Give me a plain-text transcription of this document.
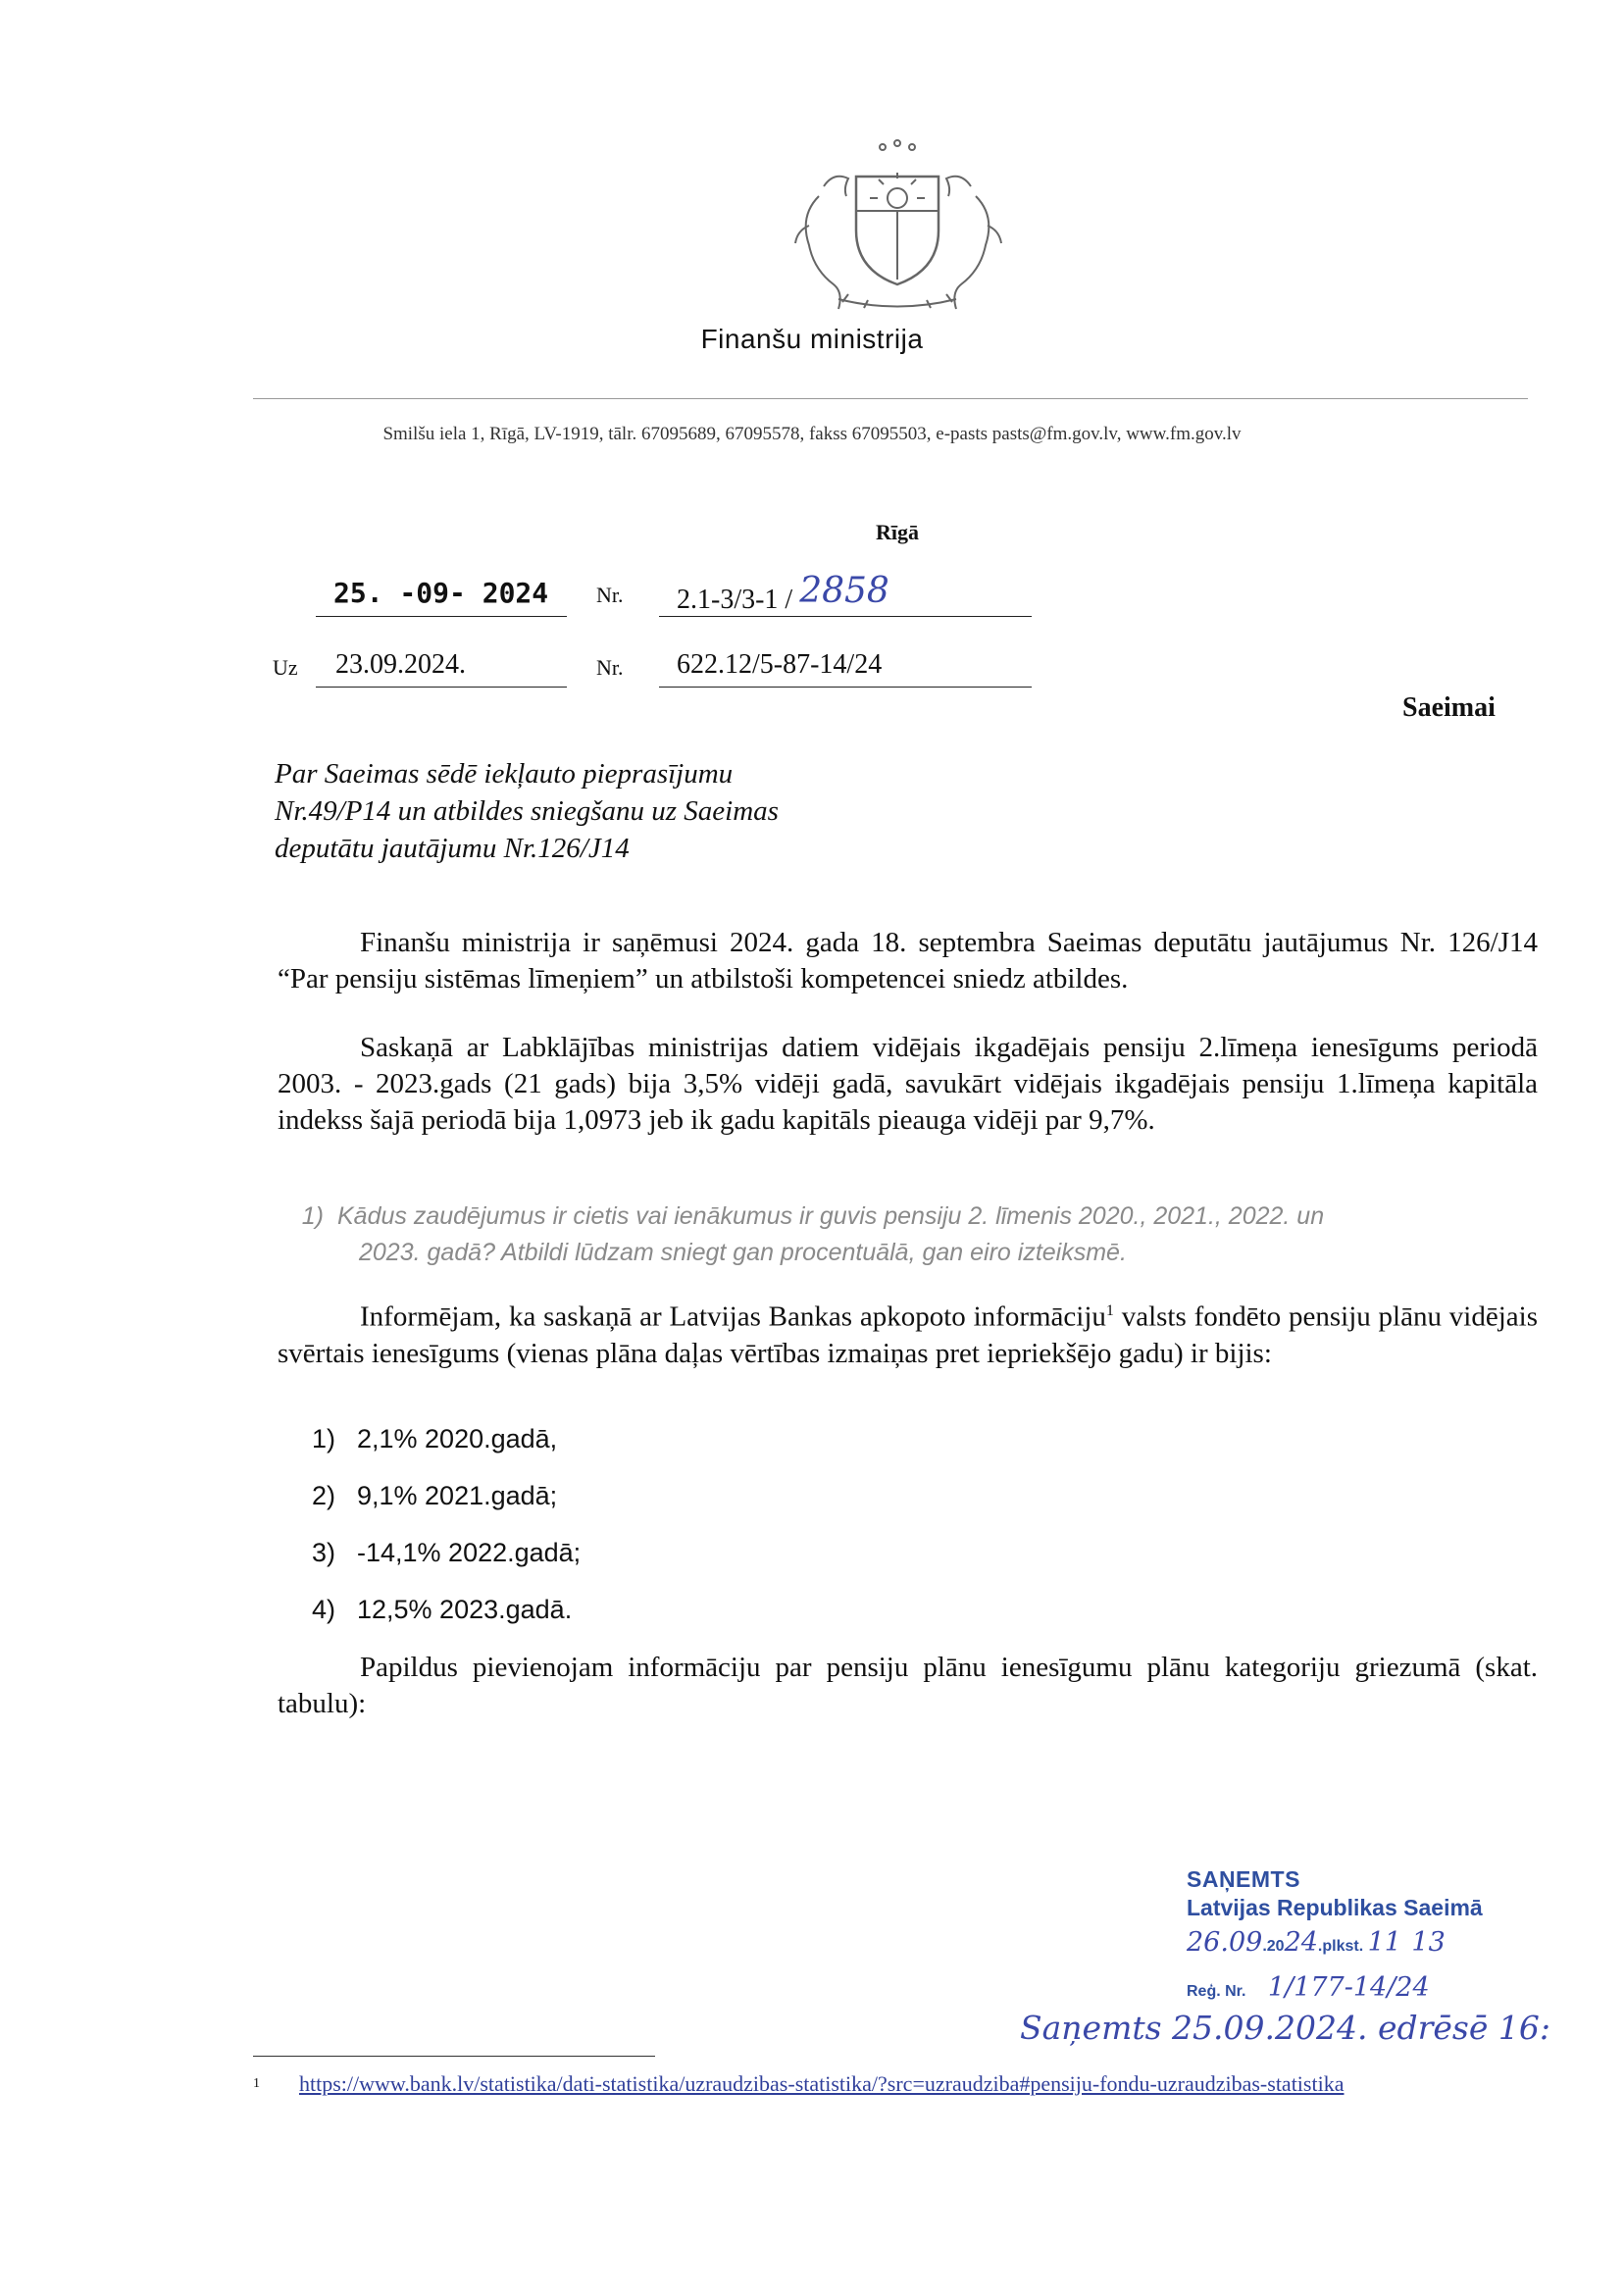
Finanšu ministrija
Smilšu iela 1, Rīgā, LV-1919, tālr. 67095689, 67095578, fakss 67095503, e-pasts pasts@fm.gov.lv, www.fm.gov.lv
Rīgā
25. -09- 2024 Nr. 2.1-3/3-1 / 2858
Uz 23.09.2024.	Nr. 622.12/5-87-14/24
Saeimai
Par Saeimas sēdē iekļauto pieprasījumu
Nr.49/P14 un atbildes sniegšanu uz Saeimas
deputātu jautājumu Nr.126/J14
Finanšu ministrija ir saņēmusi 2024. gada 18. septembra Saeimas deputātu jautājumus Nr. 126/J14 “Par pensiju sistēmas līmeņiem” un atbilstoši kompetencei sniedz atbildes.
Saskaņā ar Labklājības ministrijas datiem vidējais ikgadējais pensiju 2.līmeņa ienesīgums periodā 2003. - 2023.gads (21 gads) bija 3,5% vidēji gadā, savukārt vidējais ikgadējais pensiju 1.līmeņa kapitāla indekss šajā periodā bija 1,0973 jeb ik gadu kapitāls pieauga vidēji par 9,7%.
1) Kādus zaudējumus ir cietis vai ienākumus ir guvis pensiju 2. līmenis 2020., 2021., 2022. un
2023. gadā? Atbildi lūdzam sniegt gan procentuālā, gan eiro izteiksmē.
Informējam, ka saskaņā ar Latvijas Bankas apkopoto informāciju$^1$ valsts fondēto pensiju plānu vidējais svērtais ienesīgums (vienas plāna daļas vērtības izmaiņas pret iepriekšējo gadu) ir bijis:
1) 2,1% 2020.gadā,
2) 9,1% 2021.gadā;
3) -14,1% 2022.gadā;
4) 12,5% 2023.gadā.
Papildus pievienojam informāciju par pensiju plānu ienesīgumu plānu kategoriju griezumā (skat. tabulu):
SAŅEMTS
Latvijas Republikas Saeimā
26.09.2024.plkst. 11 13
Reģ. Nr. 1/177-14/24
Saņemts 25.09.2024. edrēsē 16:
$^1$ https://www.bank.lv/statistika/dati-statistika/uzraudzibas-statistika/?src=uzraudziba#pensiju-fondu-uzraudzibas-statistika
